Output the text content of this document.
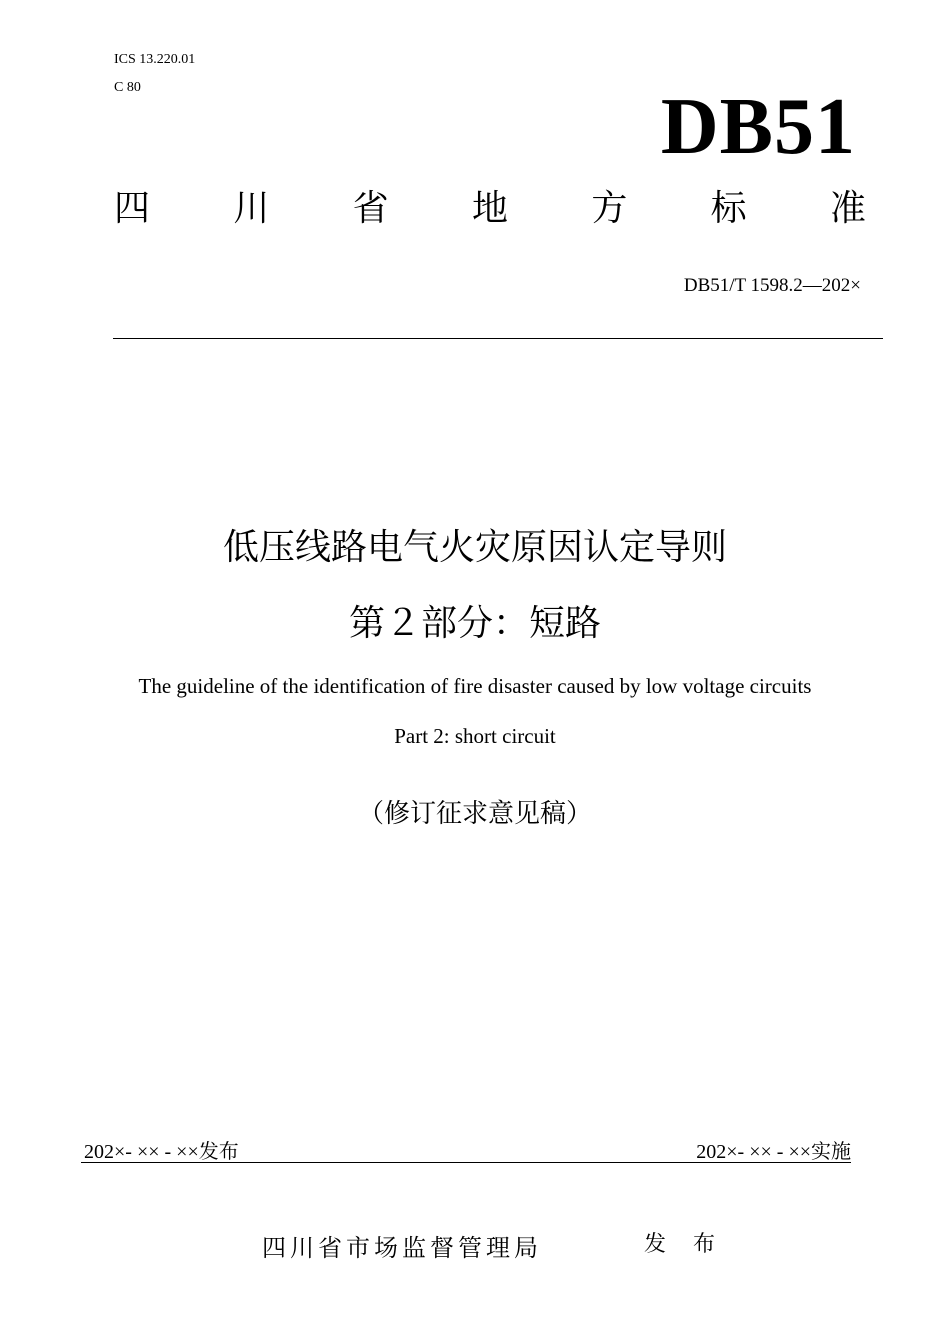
ICS 13.220.01
C 80	DB51
四 川 省 地 方 标 准
DB51/T 1598.2—202×
低压线路电气火灾原因认定导则
第２部分：短路
The guideline of the identification of fire disaster caused by low voltage circuits
Part 2: short circuit
（修订征求意见稿）
202×- ×× - ××发布	202×- ×× - ××实施
四川省市场监督管理局	发 布
